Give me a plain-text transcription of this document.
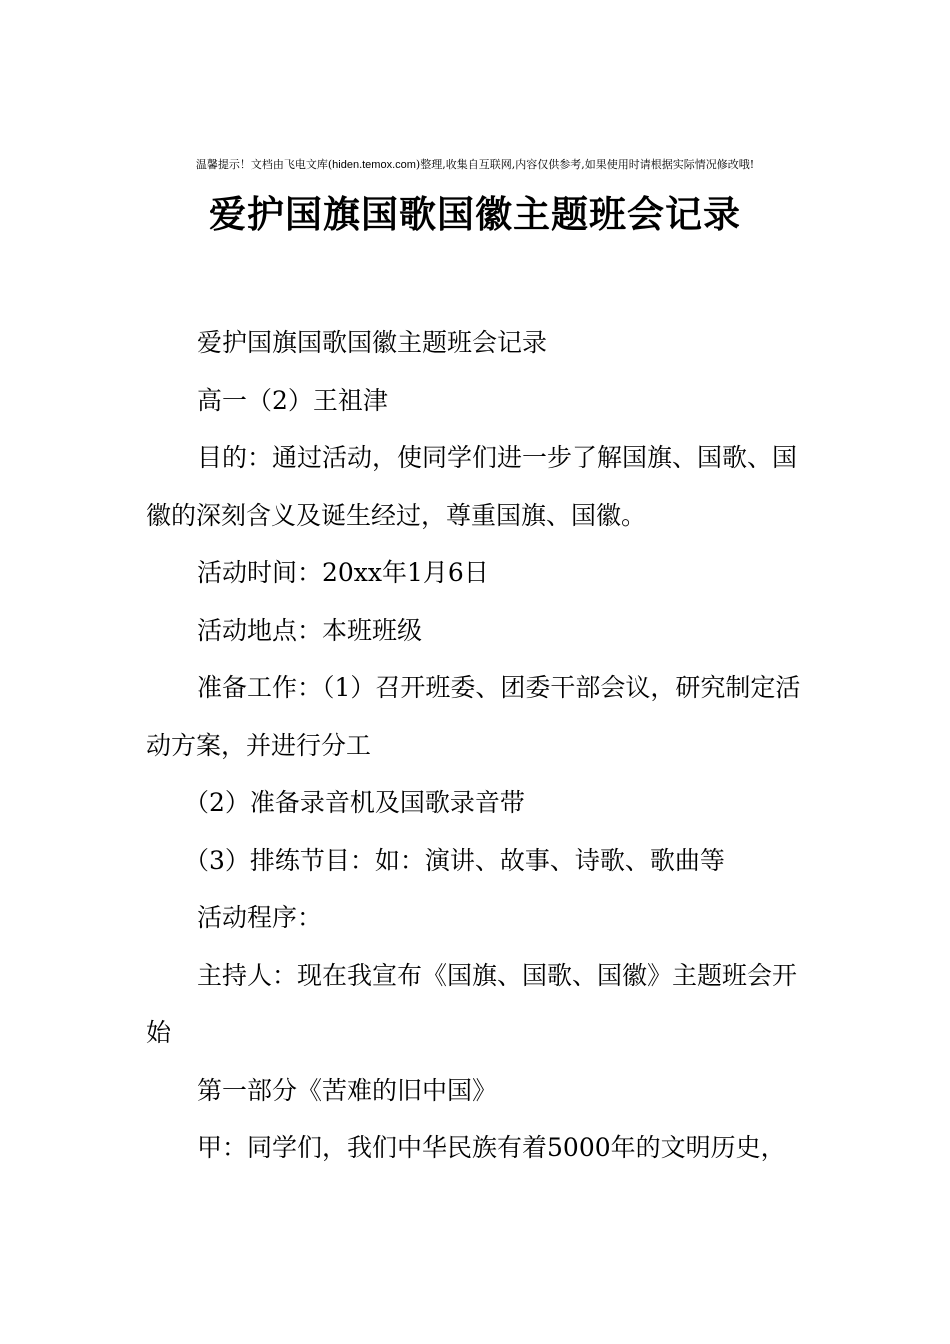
温馨提示！文档由飞电文库(hiden.temox.com)整理,收集自互联网,内容仅供参考,如果使用时请根据实际情况修改哦!
爱护国旗国歌国徽主题班会记录

爱护国旗国歌国徽主题班会记录

高一（2）王祖津

目的：通过活动，使同学们进一步了解国旗、国歌、国徽的深刻含义及诞生经过，尊重国旗、国徽。

活动时间：20xx年1月6日

活动地点：本班班级

准备工作：（1）召开班委、团委干部会议，研究制定活动方案，并进行分工

（2）准备录音机及国歌录音带

（3）排练节目：如：演讲、故事、诗歌、歌曲等

活动程序：

主持人：现在我宣布《国旗、国歌、国徽》主题班会开始

第一部分《苦难的旧中国》

甲：同学们，我们中华民族有着5000年的文明历史，
